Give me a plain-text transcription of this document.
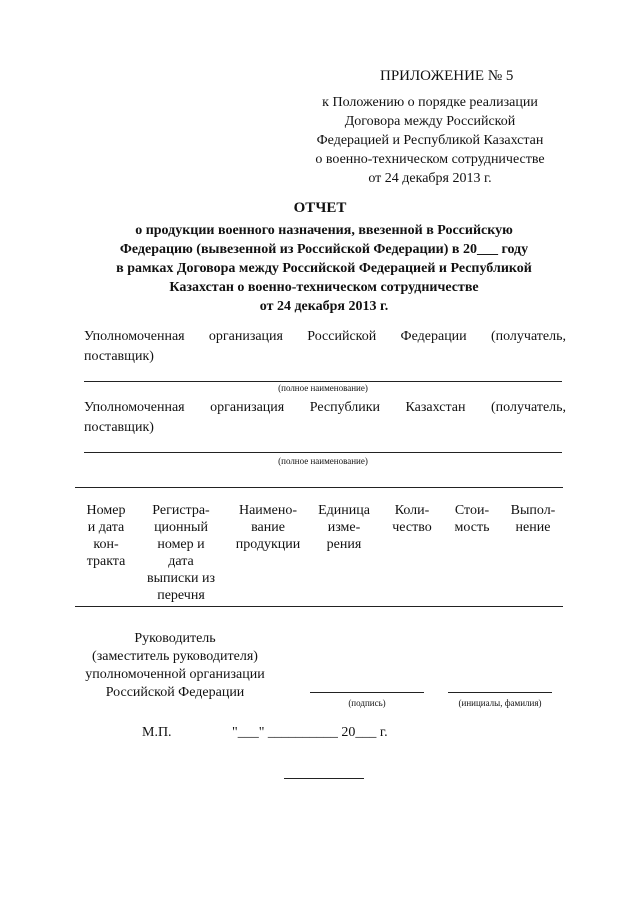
ПРИЛОЖЕНИЕ № 5
к Положению о порядке реализации
Договора между Российской
Федерацией и Республикой Казахстан
о военно-техническом сотрудничестве
от 24 декабря 2013 г.
ОТЧЕТ
о продукции военного назначения, ввезенной в Российскую
Федерацию (вывезенной из Российской Федерации) в 20___ году
в рамках Договора между Российской Федерацией и Республикой
Казахстан о военно-техническом сотрудничестве
от 24 декабря 2013 г.
Уполномоченная организация Российской Федерации (получатель,
поставщик)
(полное наименование)
Уполномоченная организация Республики Казахстан (получатель,
поставщик)
(полное наименование)
Номер
и дата
кон-
тракта
Регистра-
ционный
номер и
дата
выписки из
перечня
Наимено-
вание
продукции
Единица
изме-
рения
Коли-
чество
Стои-
мость
Выпол-
нение
Руководитель
(заместитель руководителя)
уполномоченной организации
Российской Федерации
(подпись)	(инициалы, фамилия)
М.П.	"___" __________ 20___ г.
